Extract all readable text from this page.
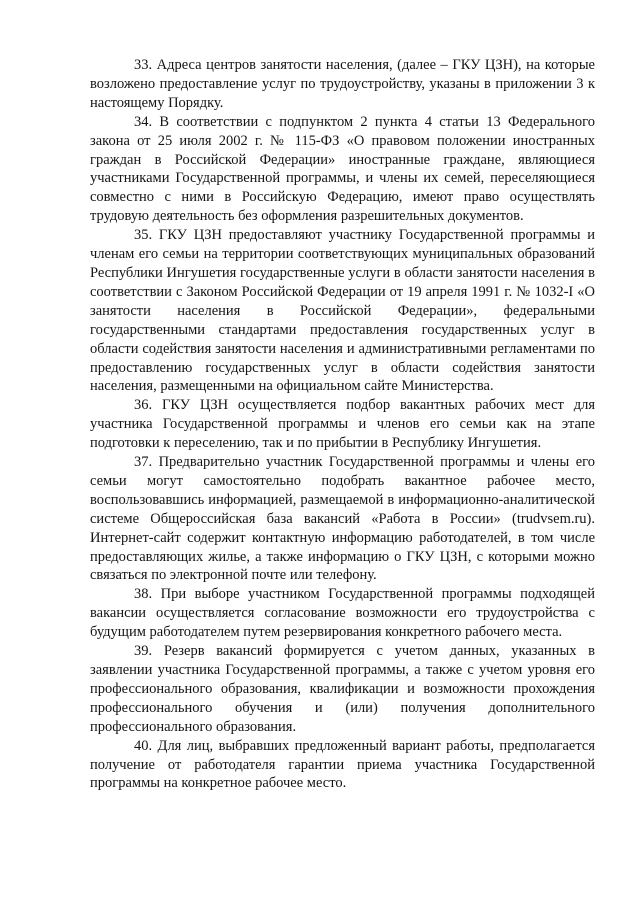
33. Адреса центров занятости населения, (далее – ГКУ ЦЗН), на которые возложено предоставление услуг по трудоустройству, указаны в приложении 3 к настоящему Порядку.

34. В соответствии с подпунктом 2 пункта 4 статьи 13 Федерального закона от 25 июля 2002 г. № 115-ФЗ «О правовом положении иностранных граждан в Российской Федерации» иностранные граждане, являющиеся участниками Государственной программы, и члены их семей, переселяющиеся совместно с ними в Российскую Федерацию, имеют право осуществлять трудовую деятельность без оформления разрешительных документов.

35. ГКУ ЦЗН предоставляют участнику Государственной программы и членам его семьи на территории соответствующих муниципальных образований Республики Ингушетия государственные услуги в области занятости населения в соответствии с Законом Российской Федерации от 19 апреля 1991 г. № 1032-I «О занятости населения в Российской Федерации», федеральными государственными стандартами предоставления государственных услуг в области содействия занятости населения и административными регламентами по предоставлению государственных услуг в области содействия занятости населения, размещенными на официальном сайте Министерства.

36. ГКУ ЦЗН осуществляется подбор вакантных рабочих мест для участника Государственной программы и членов его семьи как на этапе подготовки к переселению, так и по прибытии в Республику Ингушетия.

37. Предварительно участник Государственной программы и члены его семьи могут самостоятельно подобрать вакантное рабочее место, воспользовавшись информацией, размещаемой в информационно-аналитической системе Общероссийская база вакансий «Работа в России» (trudvsem.ru). Интернет-сайт содержит контактную информацию работодателей, в том числе предоставляющих жилье, а также информацию о ГКУ ЦЗН, с которыми можно связаться по электронной почте или телефону.

38. При выборе участником Государственной программы подходящей вакансии осуществляется согласование возможности его трудоустройства с будущим работодателем путем резервирования конкретного рабочего места.

39. Резерв вакансий формируется с учетом данных, указанных в заявлении участника Государственной программы, а также с учетом уровня его профессионального образования, квалификации и возможности прохождения профессионального обучения и (или) получения дополнительного профессионального образования.

40. Для лиц, выбравших предложенный вариант работы, предполагается получение от работодателя гарантии приема участника Государственной программы на конкретное рабочее место.
